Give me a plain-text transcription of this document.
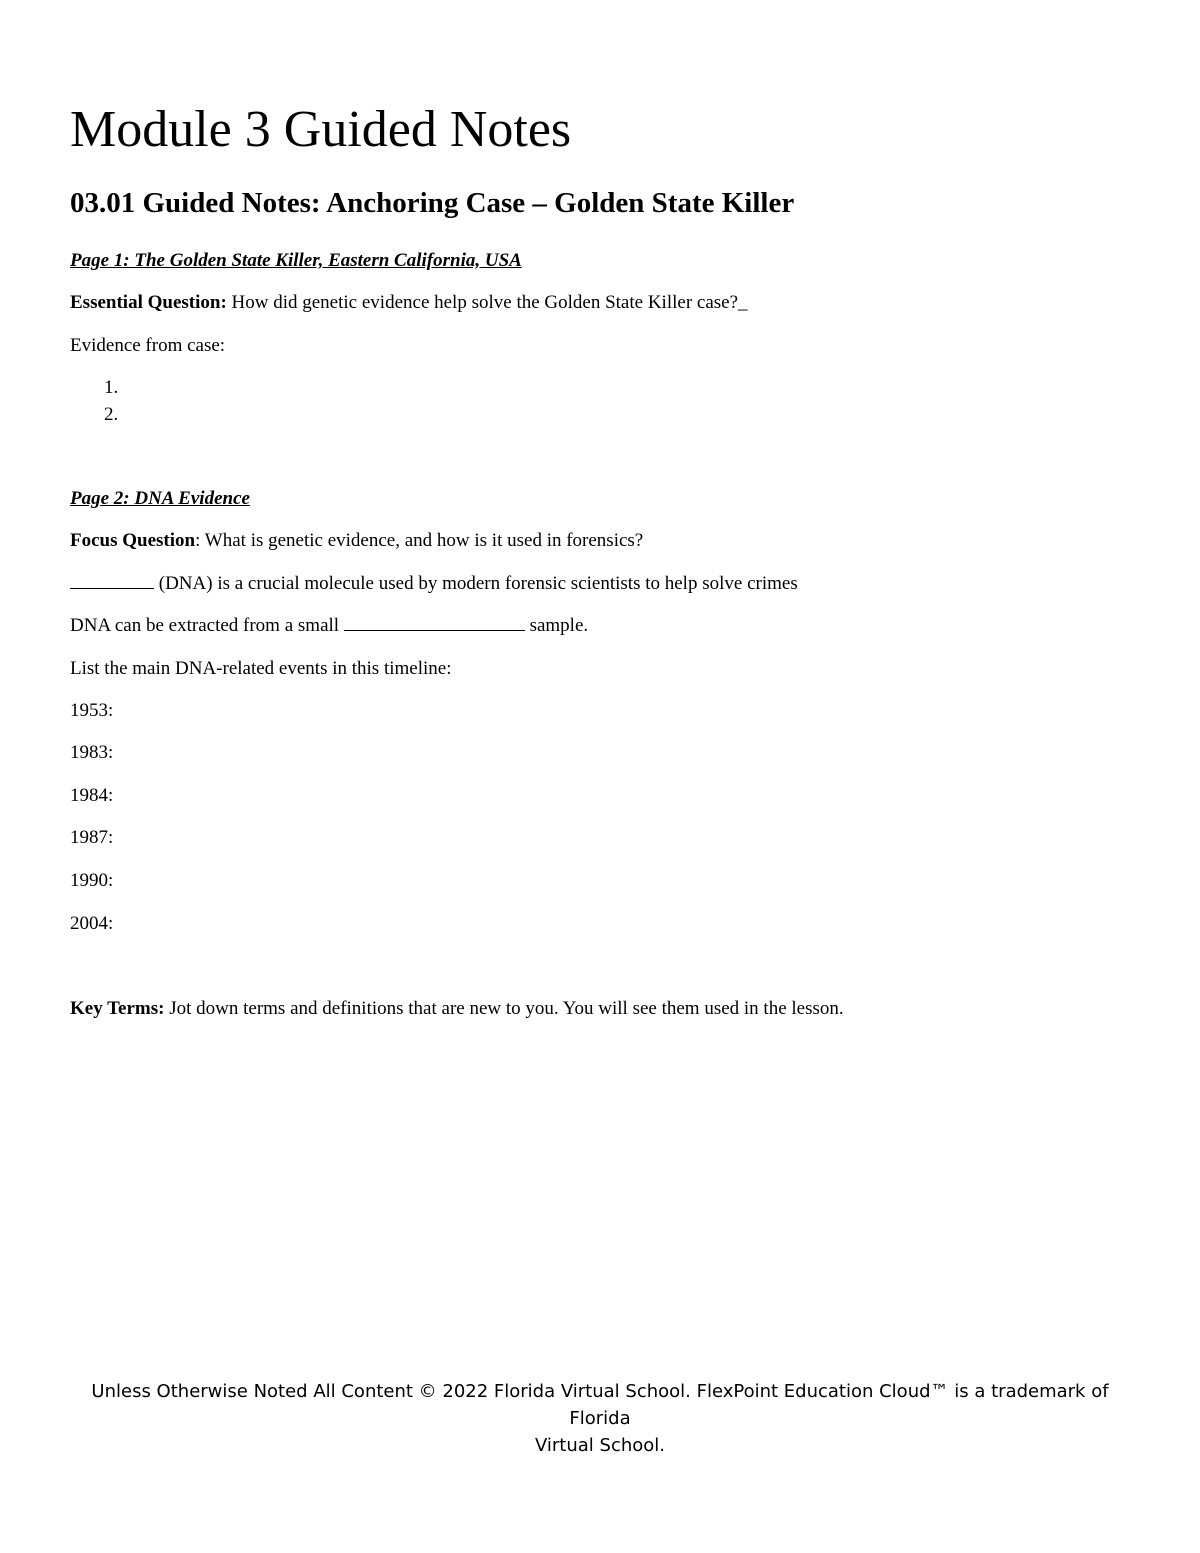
Module 3 Guided Notes
03.01 Guided Notes: Anchoring Case – Golden State Killer
Page 1: The Golden State Killer, Eastern California, USA
Essential Question: How did genetic evidence help solve the Golden State Killer case?_
Evidence from case:
1.
2.
Page 2: DNA Evidence
Focus Question: What is genetic evidence, and how is it used in forensics?
(DNA) is a crucial molecule used by modern forensic scientists to help solve crimes
DNA can be extracted from a small	sample.
List the main DNA-related events in this timeline:
1953:
1983:
1984:
1987:
1990:
2004:
Key Terms: Jot down terms and definitions that are new to you. You will see them used in the lesson.
Unless Otherwise Noted All Content © 2022 Florida Virtual School. FlexPoint Education Cloud™ is a trademark of Florida
Virtual School.
